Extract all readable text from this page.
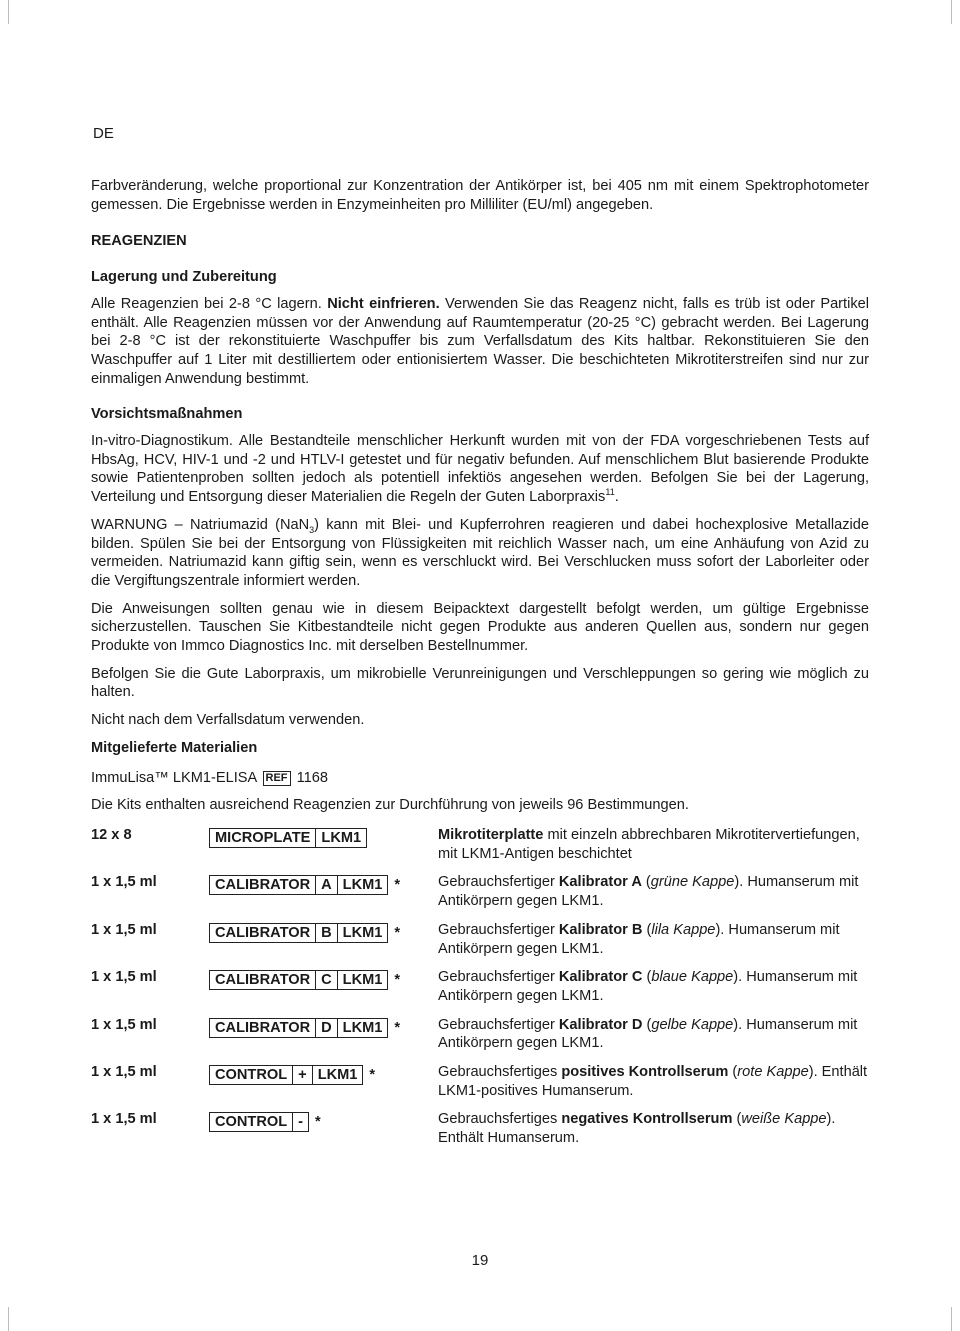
DE

Farbveränderung, welche proportional zur Konzentration der Antikörper ist, bei 405 nm mit einem Spektrophotometer gemessen. Die Ergebnisse werden in Enzymeinheiten pro Milliliter (EU/ml) angegeben.

REAGENZIEN

Lagerung und Zubereitung

Alle Reagenzien bei 2-8 °C lagern. Nicht einfrieren. Verwenden Sie das Reagenz nicht, falls es trüb ist oder Partikel enthält. Alle Reagenzien müssen vor der Anwendung auf Raumtemperatur (20-25 °C) gebracht werden. Bei Lagerung bei 2-8 °C ist der rekonstituierte Waschpuffer bis zum Verfallsdatum des Kits haltbar. Rekonstituieren Sie den Waschpuffer auf 1 Liter mit destilliertem oder entionisiertem Wasser. Die beschichteten Mikrotiterstreifen sind nur zur einmaligen Anwendung bestimmt.

Vorsichtsmaßnahmen

In-vitro-Diagnostikum. Alle Bestandteile menschlicher Herkunft wurden mit von der FDA vorgeschriebenen Tests auf HbsAg, HCV, HIV-1 und -2 und HTLV-I getestet und für negativ befunden. Auf menschlichem Blut basierende Produkte sowie Patientenproben sollten jedoch als potentiell infektiös angesehen werden. Befolgen Sie bei der Lagerung, Verteilung und Entsorgung dieser Materialien die Regeln der Guten Laborpraxis$^{11}$.

WARNUNG – Natriumazid (NaN$_3$) kann mit Blei- und Kupferrohren reagieren und dabei hochexplosive Metallazide bilden. Spülen Sie bei der Entsorgung von Flüssigkeiten mit reichlich Wasser nach, um eine Anhäufung von Azid zu vermeiden. Natriumazid kann giftig sein, wenn es verschluckt wird. Bei Verschlucken muss sofort der Laborleiter oder die Vergiftungszentrale informiert werden.

Die Anweisungen sollten genau wie in diesem Beipacktext dargestellt befolgt werden, um gültige Ergebnisse sicherzustellen. Tauschen Sie Kitbestandteile nicht gegen Produkte aus anderen Quellen aus, sondern nur gegen Produkte von Immco Diagnostics Inc. mit derselben Bestellnummer.

Befolgen Sie die Gute Laborpraxis, um mikrobielle Verunreinigungen und Verschleppungen so gering wie möglich zu halten.

Nicht nach dem Verfallsdatum verwenden.

Mitgelieferte Materialien

ImmuLisa™ LKM1-ELISA REF 1168

Die Kits enthalten ausreichend Reagenzien zur Durchführung von jeweils 96 Bestimmungen.

12 x 8	MICROPLATE LKM1	Mikrotiterplatte mit einzeln abbrechbaren Mikrotitervertiefungen, mit LKM1-Antigen beschichtet
1 x 1,5 ml	CALIBRATOR A LKM1 *	Gebrauchsfertiger Kalibrator A (grüne Kappe). Humanserum mit Antikörpern gegen LKM1.
1 x 1,5 ml	CALIBRATOR B LKM1 *	Gebrauchsfertiger Kalibrator B (lila Kappe). Humanserum mit Antikörpern gegen LKM1.
1 x 1,5 ml	CALIBRATOR C LKM1 *	Gebrauchsfertiger Kalibrator C (blaue Kappe). Humanserum mit Antikörpern gegen LKM1.
1 x 1,5 ml	CALIBRATOR D LKM1 *	Gebrauchsfertiger Kalibrator D (gelbe Kappe). Humanserum mit Antikörpern gegen LKM1.
1 x 1,5 ml	CONTROL + LKM1 *	Gebrauchsfertiges positives Kontrollserum (rote Kappe). Enthält LKM1-positives Humanserum.
1 x 1,5 ml	CONTROL - *	Gebrauchsfertiges negatives Kontrollserum (weiße Kappe). Enthält Humanserum.
19
